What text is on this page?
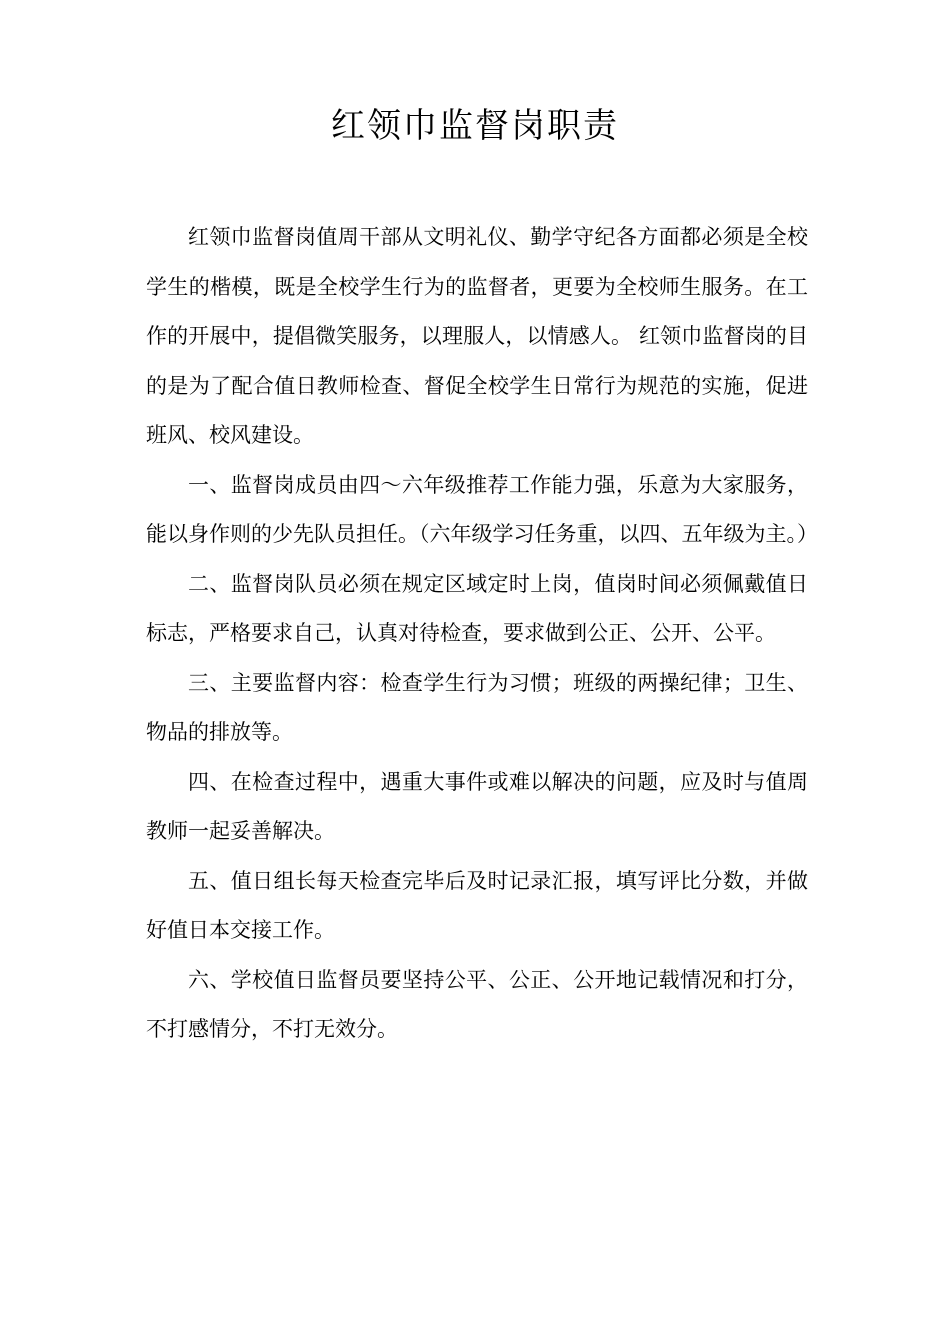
红领巾监督岗职责

红领巾监督岗值周干部从文明礼仪、勤学守纪各方面都必须是全校学生的楷模，既是全校学生行为的监督者，更要为全校师生服务。在工作的开展中，提倡微笑服务，以理服人，以情感人。 红领巾监督岗的目的是为了配合值日教师检查、督促全校学生日常行为规范的实施，促进班风、校风建设。

一、监督岗成员由四～六年级推荐工作能力强，乐意为大家服务，能以身作则的少先队员担任。（六年级学习任务重，以四、五年级为主。）

二、监督岗队员必须在规定区域定时上岗，值岗时间必须佩戴值日标志，严格要求自己，认真对待检查，要求做到公正、公开、公平。

三、主要监督内容：检查学生行为习惯；班级的两操纪律；卫生、物品的排放等。

四、在检查过程中，遇重大事件或难以解决的问题，应及时与值周教师一起妥善解决。

五、值日组长每天检查完毕后及时记录汇报，填写评比分数，并做好值日本交接工作。

六、学校值日监督员要坚持公平、公正、公开地记载情况和打分，不打感情分，不打无效分。
